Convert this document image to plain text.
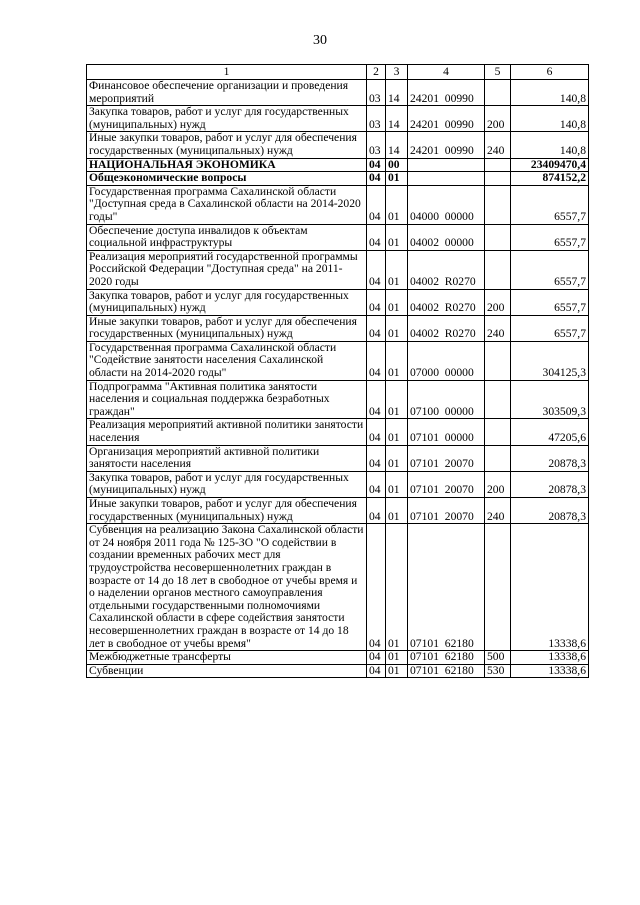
30
1	2	3	4	5	6
Финансовое обеспечение организации и проведения мероприятий	03	14	24201  00990		140,8
Закупка товаров, работ и услуг для государственных (муниципальных) нужд	03	14	24201  00990	200	140,8
Иные закупки товаров, работ и услуг для обеспечения государственных (муниципальных) нужд	03	14	24201  00990	240	140,8
НАЦИОНАЛЬНАЯ ЭКОНОМИКА	04	00			23409470,4
Общеэкономические вопросы	04	01			874152,2
Государственная программа Сахалинской области "Доступная среда в Сахалинской области на 2014-2020 годы"	04	01	04000  00000		6557,7
Обеспечение доступа инвалидов к объектам социальной инфраструктуры	04	01	04002  00000		6557,7
Реализация мероприятий государственной программы Российской Федерации "Доступная среда" на 2011-2020 годы	04	01	04002  R0270		6557,7
Закупка товаров, работ и услуг для государственных (муниципальных) нужд	04	01	04002  R0270	200	6557,7
Иные закупки товаров, работ и услуг для обеспечения государственных (муниципальных) нужд	04	01	04002  R0270	240	6557,7
Государственная программа Сахалинской области "Содействие занятости населения Сахалинской области на 2014-2020 годы"	04	01	07000  00000		304125,3
Подпрограмма "Активная политика занятости населения и социальная поддержка безработных граждан"	04	01	07100  00000		303509,3
Реализация мероприятий активной политики занятости населения	04	01	07101  00000		47205,6
Организация мероприятий активной политики занятости населения	04	01	07101  20070		20878,3
Закупка товаров, работ и услуг для государственных (муниципальных) нужд	04	01	07101  20070	200	20878,3
Иные закупки товаров, работ и услуг для обеспечения государственных (муниципальных) нужд	04	01	07101  20070	240	20878,3
Субвенция на реализацию Закона Сахалинской области от 24 ноября 2011 года № 125-ЗО "О содействии в создании временных рабочих мест для трудоустройства несовершеннолетних граждан в возрасте от 14 до 18 лет в свободное от учебы время и о наделении органов местного самоуправления отдельными государственными полномочиями Сахалинской области в сфере содействия занятости несовершеннолетних граждан в возрасте от 14 до 18 лет в свободное от учебы время"	04	01	07101  62180		13338,6
Межбюджетные трансферты	04	01	07101  62180	500	13338,6
Субвенции	04	01	07101  62180	530	13338,6
